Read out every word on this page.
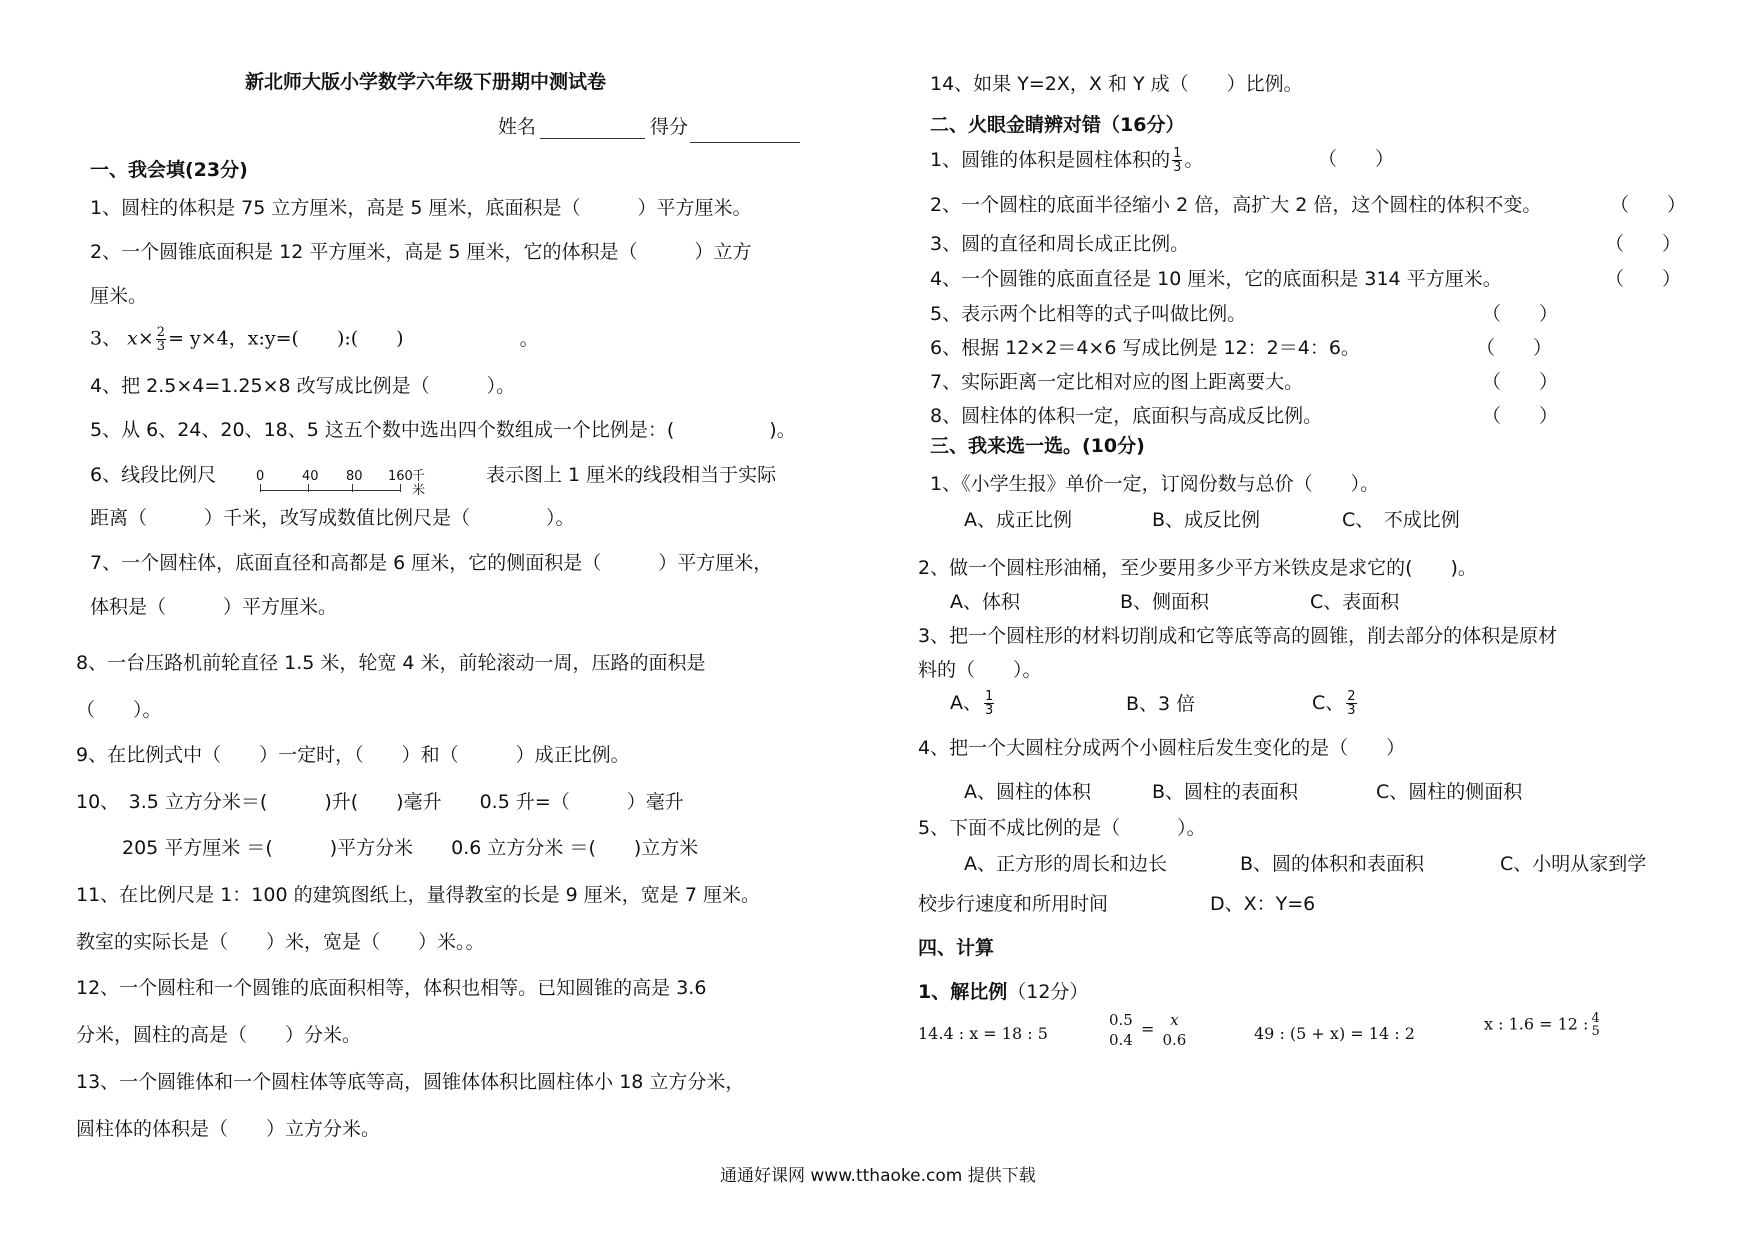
新北师大版小学数学六年级下册期中测试卷
姓名	得分
一、我会填(23分)
1、圆柱的体积是 75 立方厘米，高是 5 厘米，底面积是（　　　）平方厘米。
2、一个圆锥底面积是 12 平方厘米，高是 5 厘米，它的体积是（　　　）立方
厘米。
3、 $x\times \frac{2}{3} = y\times 4$，x:y=(　　):(　　)	。
4、把 2.5×4=1.25×8 改写成比例是（　　　）。
5、从 6、24、20、18、5 这五个数中选出四个数组成一个比例是：(　　　　　)。
6、线段比例尺	0	40 80 160 千米
表示图上 1 厘米的线段相当于实际
距离（　　　）千米，改写成数值比例尺是（　　　　）。
7、一个圆柱体，底面直径和高都是 6 厘米，它的侧面积是（　　　）平方厘米，
体积是（　　　）平方厘米。
8、一台压路机前轮直径 1.5 米，轮宽 4 米，前轮滚动一周，压路的面积是
（　　）。
9、在比例式中（　　）一定时，（　　）和（　　　）成正比例。
10、　3.5 立方分米＝(　　　)升(　　)毫升　　0.5 升=（　　　）毫升
205 平方厘米 ＝(　　　)平方分米　　0.6 立方分米 ＝(　　)立方米
11、在比例尺是 1：100 的建筑图纸上，量得教室的长是 9 厘米，宽是 7 厘米。
教室的实际长是（　　）米，宽是（　　）米。。
12、一个圆柱和一个圆锥的底面积相等，体积也相等。已知圆锥的高是 3.6
分米，圆柱的高是（　　）分米。
13、一个圆锥体和一个圆柱体等底等高，圆锥体体积比圆柱体小 18 立方分米，
圆柱体的体积是（　　）立方分米。
14、如果 Y=2X，X 和 Y 成（　　）比例。
二、火眼金睛辨对错（16分）
1、圆锥的体积是圆柱体积的 $\frac{1}{3}$ 。	（　　）
2、一个圆柱的底面半径缩小 2 倍，高扩大 2 倍，这个圆柱的体积不变。	（　　）
3、圆的直径和周长成正比例。	（　　）
4、一个圆锥的底面直径是 10 厘米，它的底面积是 314 平方厘米。	（　　）
5、表示两个比相等的式子叫做比例。	（　　）
6、根据 12×2＝4×6 写成比例是 12：2＝4：6。	（　　）
7、实际距离一定比相对应的图上距离要大。	（　　）
8、圆柱体的体积一定，底面积与高成反比例。	（　　）
三、我来选一选。(10分)
1、《小学生报》单价一定，订阅份数与总价（　　）。
A、成正比例	B、成反比例	C、　不成比例
2、做一个圆柱形油桶，至少要用多少平方米铁皮是求它的(　　)。
A、体积	B、侧面积	C、表面积
3、把一个圆柱形的材料切削成和它等底等高的圆锥，削去部分的体积是原材
料的（　　）。
A、 $\frac{1}{3}$	B、3 倍	C、 $\frac{2}{3}$
4、把一个大圆柱分成两个小圆柱后发生变化的是（　　）
A、圆柱的体积	B、圆柱的表面积	C、圆柱的侧面积
5、下面不成比例的是（　　　）。
A、正方形的周长和边长	B、圆的体积和表面积	C、小明从家到学
校步行速度和所用时间	D、X：Y=6
四、计算
1、解比例（12分）
14.4 : x = 18 : 5
0.5
0.4
=	x
0.6	49 : (5 + x) = 14 : 2	x : 1.6 = 12 : 4
5
通通好课网 www.tthaoke.com 提供下载
